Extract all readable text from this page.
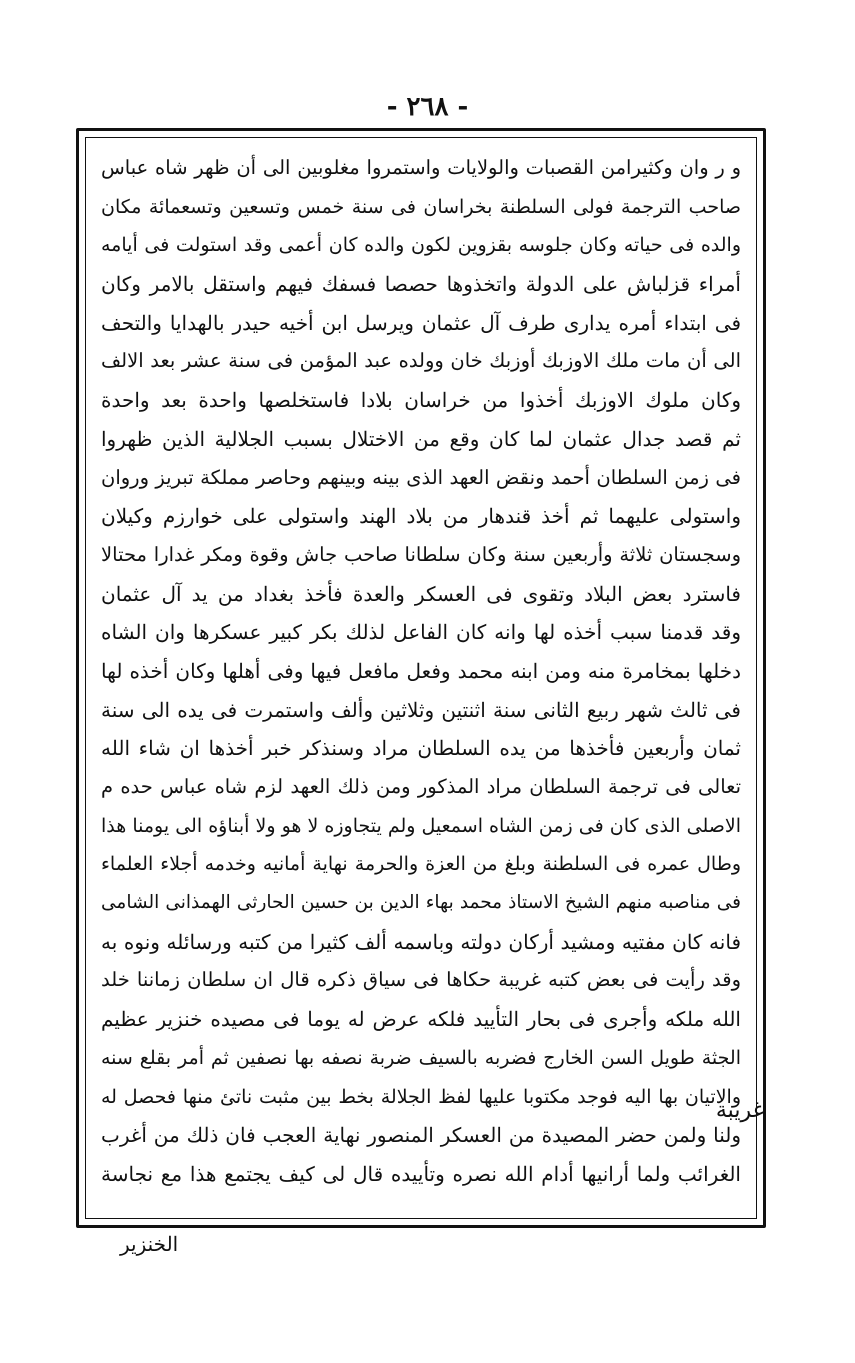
- ٢٦٨ -
و ر وان وكثيرامن القصبات والولايات واستمروا مغلوبين الى أن ظهر شاه عباس
صاحب الترجمة فولى السلطنة بخراسان فى سنة خمس وتسعين وتسعمائة مكان
والده فى حياته وكان جلوسه بقزوين لكون والده كان أعمى وقد استولت فى أيامه
أمراء قزلباش على الدولة واتخذوها حصصا فسفك فيهم واستقل بالامر وكان
فى ابتداء أمره يدارى طرف آل عثمان ويرسل ابن أخيه حيدر بالهدايا والتحف
الى أن مات ملك الاوزبك أوزبك خان وولده عبد المؤمن فى سنة عشر بعد الالف
وكان ملوك الاوزبك أخذوا من خراسان بلادا فاستخلصها واحدة بعد واحدة
ثم قصد جدال عثمان لما كان وقع من الاختلال بسبب الجلالية الذين ظهروا
فى زمن السلطان أحمد ونقض العهد الذى بينه وبينهم وحاصر مملكة تبريز وروان
واستولى عليهما ثم أخذ قندهار من بلاد الهند واستولى على خوارزم وكيلان
وسجستان ثلاثة وأربعين سنة وكان سلطانا صاحب جاش وقوة ومكر غدارا محتالا
فاسترد بعض البلاد وتقوى فى العسكر والعدة فأخذ بغداد من يد آل عثمان
وقد قدمنا سبب أخذه لها وانه كان الفاعل لذلك بكر كبير عسكرها وان الشاه
دخلها بمخامرة منه ومن ابنه محمد وفعل مافعل فيها وفى أهلها وكان أخذه لها
فى ثالث شهر ربيع الثانى سنة اثنتين وثلاثين وألف واستمرت فى يده الى سنة
ثمان وأربعين فأخذها من يده السلطان مراد وسنذكر خبر أخذها ان شاء الله
تعالى فى ترجمة السلطان مراد المذكور ومن ذلك العهد لزم شاه عباس حده م
الاصلى الذى كان فى زمن الشاه اسمعيل ولم يتجاوزه لا هو ولا أبناؤه الى يومنا هذا
وطال عمره فى السلطنة وبلغ من العزة والحرمة نهاية أمانيه وخدمه أجلاء العلماء
فى مناصبه منهم الشيخ الاستاذ محمد بهاء الدين بن حسين الحارثى الهمذانى الشامى
فانه كان مفتيه ومشيد أركان دولته وباسمه ألف كثيرا من كتبه ورسائله ونوه به
وقد رأيت فى بعض كتبه غريبة حكاها فى سياق ذكره قال ان سلطان زماننا خلد
الله ملكه وأجرى فى بحار التأييد فلكه عرض له يوما فى مصيده خنزير عظيم
الجثة طويل السن الخارج فضربه بالسيف ضربة نصفه بها نصفين ثم أمر بقلع سنه
والاتيان بها اليه فوجد مكتوبا عليها لفظ الجلالة بخط بين مثبت ناتئ منها فحصل له
ولنا ولمن حضر المصيدة من العسكر المنصور نهاية العجب فان ذلك من أغرب
الغرائب ولما أرانيها أدام الله نصره وتأييده قال لى كيف يجتمع هذا مع نجاسة
غريبة
الخنزير
